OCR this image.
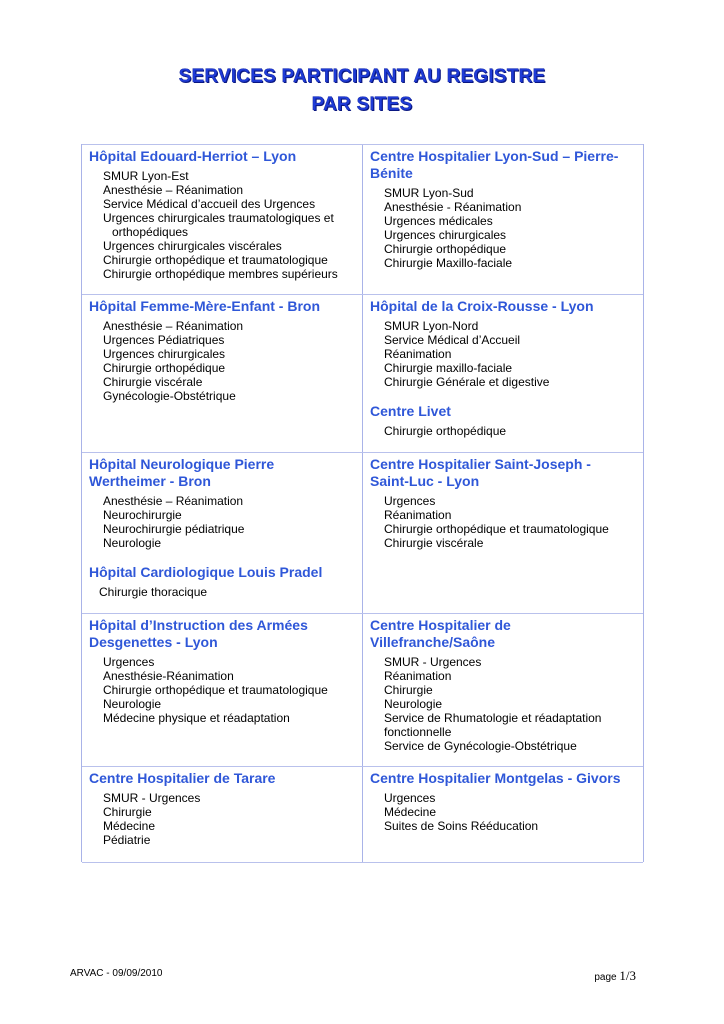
SERVICES PARTICIPANT AU REGISTRE
PAR SITES
Hôpital Edouard-Herriot – Lyon
SMUR Lyon-Est
Anesthésie – Réanimation
Service Médical d’accueil des Urgences
Urgences chirurgicales traumatologiques et
orthopédiques
Urgences chirurgicales viscérales
Chirurgie orthopédique et traumatologique
Chirurgie orthopédique membres supérieurs
Centre Hospitalier Lyon-Sud – Pierre-
Bénite
SMUR Lyon-Sud
Anesthésie - Réanimation
Urgences médicales
Urgences chirurgicales
Chirurgie orthopédique
Chirurgie Maxillo-faciale
Hôpital Femme-Mère-Enfant - Bron
Anesthésie – Réanimation
Urgences Pédiatriques
Urgences chirurgicales
Chirurgie orthopédique
Chirurgie viscérale
Gynécologie-Obstétrique
Hôpital de la Croix-Rousse - Lyon
SMUR Lyon-Nord
Service Médical d’Accueil
Réanimation
Chirurgie maxillo-faciale
Chirurgie Générale et digestive
Centre Livet
Chirurgie orthopédique
Hôpital Neurologique Pierre
Wertheimer - Bron
Anesthésie – Réanimation
Neurochirurgie
Neurochirurgie pédiatrique
Neurologie
Hôpital Cardiologique Louis Pradel
Chirurgie thoracique
Centre Hospitalier Saint-Joseph -
Saint-Luc - Lyon
Urgences
Réanimation
Chirurgie orthopédique et traumatologique
Chirurgie viscérale
Hôpital d’Instruction des Armées
Desgenettes - Lyon
Urgences
Anesthésie-Réanimation
Chirurgie orthopédique et traumatologique
Neurologie
Médecine physique et réadaptation
Centre Hospitalier de
Villefranche/Saône
SMUR - Urgences
Réanimation
Chirurgie
Neurologie
Service de Rhumatologie et réadaptation
fonctionnelle
Service de Gynécologie-Obstétrique
Centre Hospitalier de Tarare
SMUR - Urgences
Chirurgie
Médecine
Pédiatrie
Centre Hospitalier Montgelas - Givors
Urgences
Médecine
Suites de Soins Rééducation
ARVAC - 09/09/2010	page 1/3
